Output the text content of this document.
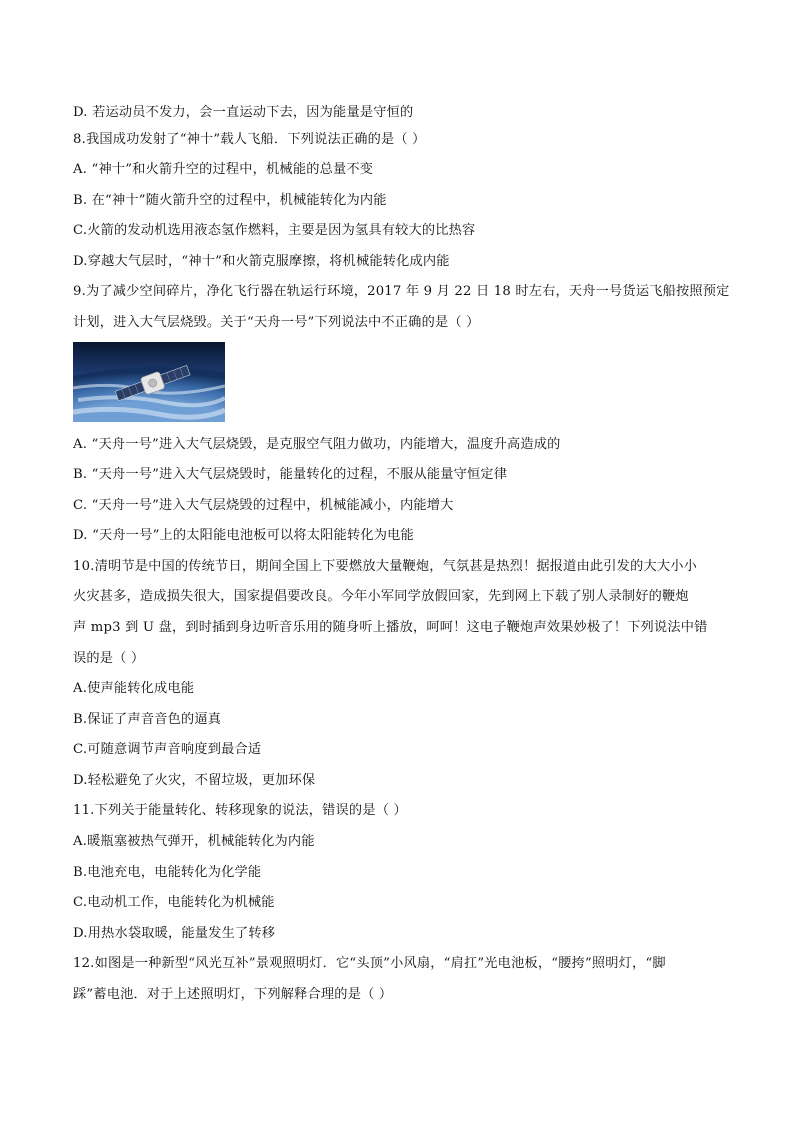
D. 若运动员不发力，会一直运动下去，因为能量是守恒的
8.我国成功发射了“神十”载人飞船．下列说法正确的是（ ）
A. “神十”和火箭升空的过程中，机械能的总量不变
B. 在“神十”随火箭升空的过程中，机械能转化为内能
C.火箭的发动机选用液态氢作燃料，主要是因为氢具有较大的比热容
D.穿越大气层时，“神十”和火箭克服摩擦，将机械能转化成内能
9.为了减少空间碎片，净化飞行器在轨运行环境，2017 年 9 月 22 日 18 时左右，天舟一号货运飞船按照预定
计划，进入大气层烧毁。关于“天舟一号”下列说法中不正确的是（ ）
A. “天舟一号”进入大气层烧毁，是克服空气阻力做功，内能增大，温度升高造成的
B. “天舟一号”进入大气层烧毁时，能量转化的过程，不服从能量守恒定律
C. “天舟一号”进入大气层烧毁的过程中，机械能减小，内能增大
D. “天舟一号”上的太阳能电池板可以将太阳能转化为电能
10.清明节是中国的传统节日，期间全国上下要燃放大量鞭炮，气氛甚是热烈！据报道由此引发的大大小小
火灾甚多，造成损失很大，国家提倡要改良。今年小军同学放假回家，先到网上下载了别人录制好的鞭炮
声 mp3 到 U 盘，到时插到身边听音乐用的随身听上播放，呵呵！这电子鞭炮声效果妙极了！下列说法中错
误的是（ ）
A.使声能转化成电能
B.保证了声音音色的逼真
C.可随意调节声音响度到最合适
D.轻松避免了火灾，不留垃圾，更加环保
11.下列关于能量转化、转移现象的说法，错误的是（ ）
A.暖瓶塞被热气弹开，机械能转化为内能
B.电池充电，电能转化为化学能
C.电动机工作，电能转化为机械能
D.用热水袋取暖，能量发生了转移
12.如图是一种新型“风光互补”景观照明灯．它“头顶”小风扇，“肩扛”光电池板，“腰挎”照明灯，“脚
踩”蓄电池．对于上述照明灯，下列解释合理的是（ ）
